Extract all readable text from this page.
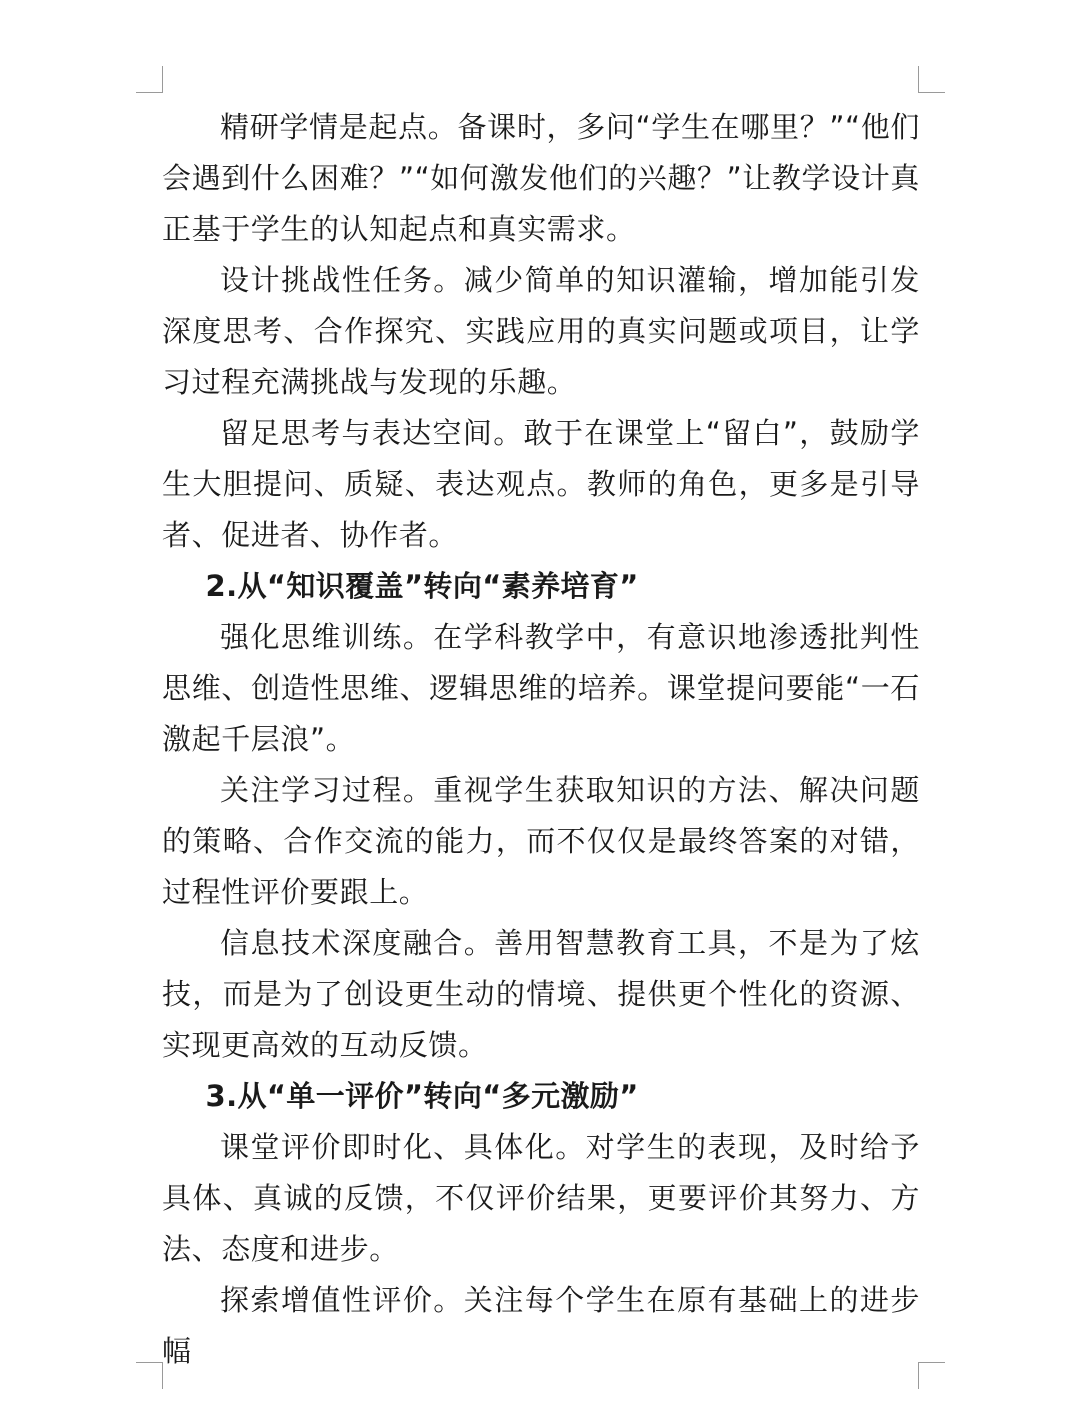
精研学情是起点。备课时，多问“学生在哪里？”“他们会遇到什么困难？”“如何激发他们的兴趣？”让教学设计真正基于学生的认知起点和真实需求。

设计挑战性任务。减少简单的知识灌输，增加能引发深度思考、合作探究、实践应用的真实问题或项目，让学习过程充满挑战与发现的乐趣。

留足思考与表达空间。敢于在课堂上“留白”，鼓励学生大胆提问、质疑、表达观点。教师的角色，更多是引导者、促进者、协作者。

2.从“知识覆盖”转向“素养培育”

强化思维训练。在学科教学中，有意识地渗透批判性思维、创造性思维、逻辑思维的培养。课堂提问要能“一石激起千层浪”。

关注学习过程。重视学生获取知识的方法、解决问题的策略、合作交流的能力，而不仅仅是最终答案的对错，过程性评价要跟上。

信息技术深度融合。善用智慧教育工具，不是为了炫技，而是为了创设更生动的情境、提供更个性化的资源、实现更高效的互动反馈。

3.从“单一评价”转向“多元激励”

课堂评价即时化、具体化。对学生的表现，及时给予具体、真诚的反馈，不仅评价结果，更要评价其努力、方法、态度和进步。

探索增值性评价。关注每个学生在原有基础上的进步幅
